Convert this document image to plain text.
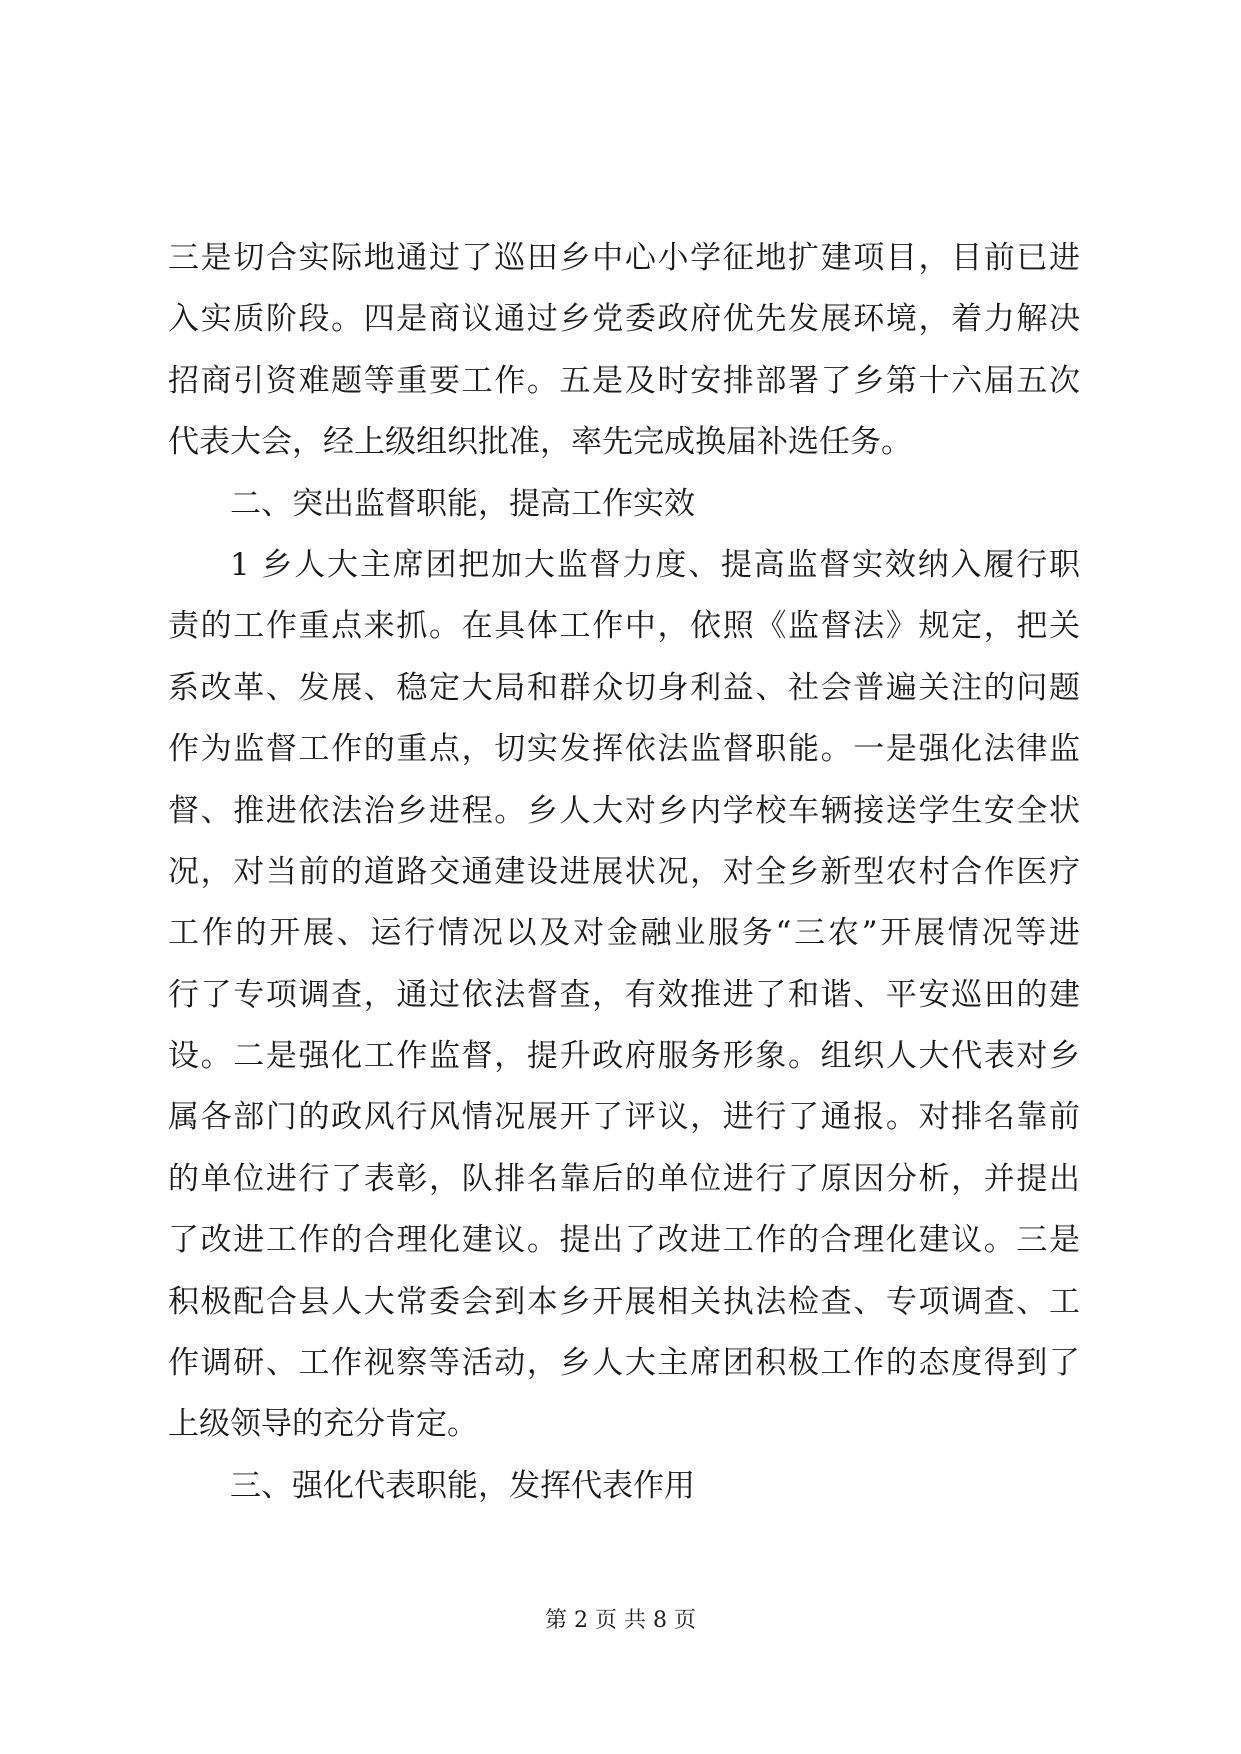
三是切合实际地通过了巡田乡中心小学征地扩建项目，目前已进
入实质阶段。四是商议通过乡党委政府优先发展环境，着力解决
招商引资难题等重要工作。五是及时安排部署了乡第十六届五次
代表大会，经上级组织批准，率先完成换届补选任务。
二、突出监督职能，提高工作实效
1 乡人大主席团把加大监督力度、提高监督实效纳入履行职
责的工作重点来抓。在具体工作中，依照《监督法》规定，把关
系改革、发展、稳定大局和群众切身利益、社会普遍关注的问题
作为监督工作的重点，切实发挥依法监督职能。一是强化法律监
督、推进依法治乡进程。乡人大对乡内学校车辆接送学生安全状
况，对当前的道路交通建设进展状况，对全乡新型农村合作医疗
工作的开展、运行情况以及对金融业服务“三农”开展情况等进
行了专项调查，通过依法督查，有效推进了和谐、平安巡田的建
设。二是强化工作监督，提升政府服务形象。组织人大代表对乡
属各部门的政风行风情况展开了评议，进行了通报。对排名靠前
的单位进行了表彰，队排名靠后的单位进行了原因分析，并提出
了改进工作的合理化建议。提出了改进工作的合理化建议。三是
积极配合县人大常委会到本乡开展相关执法检查、专项调查、工
作调研、工作视察等活动，乡人大主席团积极工作的态度得到了
上级领导的充分肯定。
三、强化代表职能，发挥代表作用
第 2 页 共 8 页
